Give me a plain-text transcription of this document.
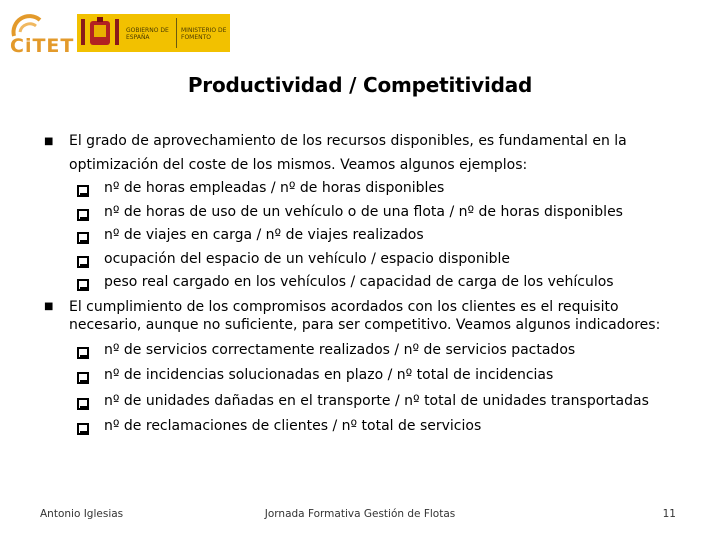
CiTET
GOBIERNO DE ESPAÑA
MINISTERIO DE FOMENTO
Productividad / Competitividad
■ El grado de aprovechamiento de los recursos disponibles, es fundamental en la optimización del coste de los mismos. Veamos algunos ejemplos:
nº de horas empleadas / nº de horas disponibles
nº de horas de uso de un vehículo o de una flota / nº de horas disponibles
nº de viajes en carga / nº de viajes realizados
ocupación del espacio de un vehículo / espacio disponible
peso real cargado en los vehículos / capacidad de carga de los vehículos
■ El cumplimiento de los compromisos acordados con los clientes es el requisito necesario, aunque no suficiente, para ser competitivo. Veamos algunos indicadores:
nº de servicios correctamente realizados / nº de servicios pactados
nº de incidencias solucionadas en plazo / nº total de incidencias
nº de unidades dañadas en el transporte / nº total de unidades transportadas
nº de reclamaciones de clientes / nº total de servicios
Antonio Iglesias	Jornada Formativa Gestión de Flotas	11
